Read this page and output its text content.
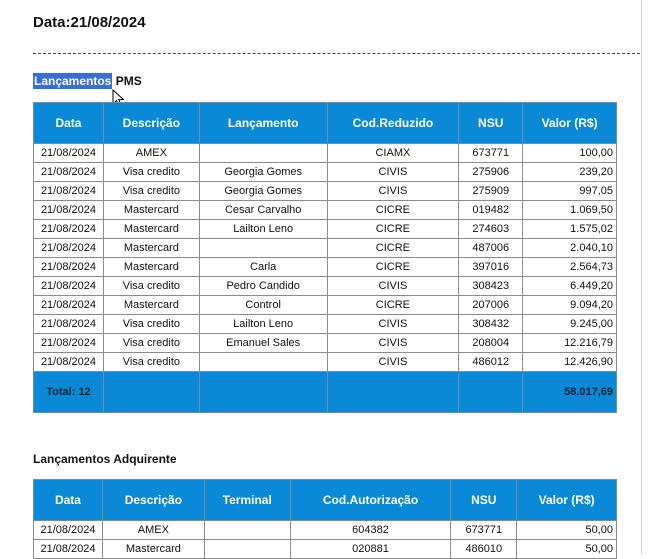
Data:21/08/2024
Lançamentos PMS
Data	Descrição	Lançamento	Cod.Reduzido	NSU	Valor (R$)
21/08/2024	AMEX		CIAMX	673771	100,00
21/08/2024	Visa credito	Georgia Gomes	CIVIS	275906	239,20
21/08/2024	Visa credito	Georgia Gomes	CIVIS	275909	997,05
21/08/2024	Mastercard	Cesar Carvalho	CICRE	019482	1.069,50
21/08/2024	Mastercard	Lailton Leno	CICRE	274603	1.575,02
21/08/2024	Mastercard		CICRE	487006	2.040,10
21/08/2024	Mastercard	Carla	CICRE	397016	2.564,73
21/08/2024	Visa credito	Pedro Candido	CIVIS	308423	6.449,20
21/08/2024	Mastercard	Control	CICRE	207006	9.094,20
21/08/2024	Visa credito	Lailton Leno	CIVIS	308432	9.245,00
21/08/2024	Visa credito	Emanuel Sales	CIVIS	208004	12.216,79
21/08/2024	Visa credito		CIVIS	486012	12.426,90
Total: 12					58.017,69
Lançamentos Adquirente
Data	Descrição	Terminal	Cod.Autorização	NSU	Valor (R$)
21/08/2024	AMEX		604382	673771	50,00
21/08/2024	Mastercard		020881	486010	50,00
